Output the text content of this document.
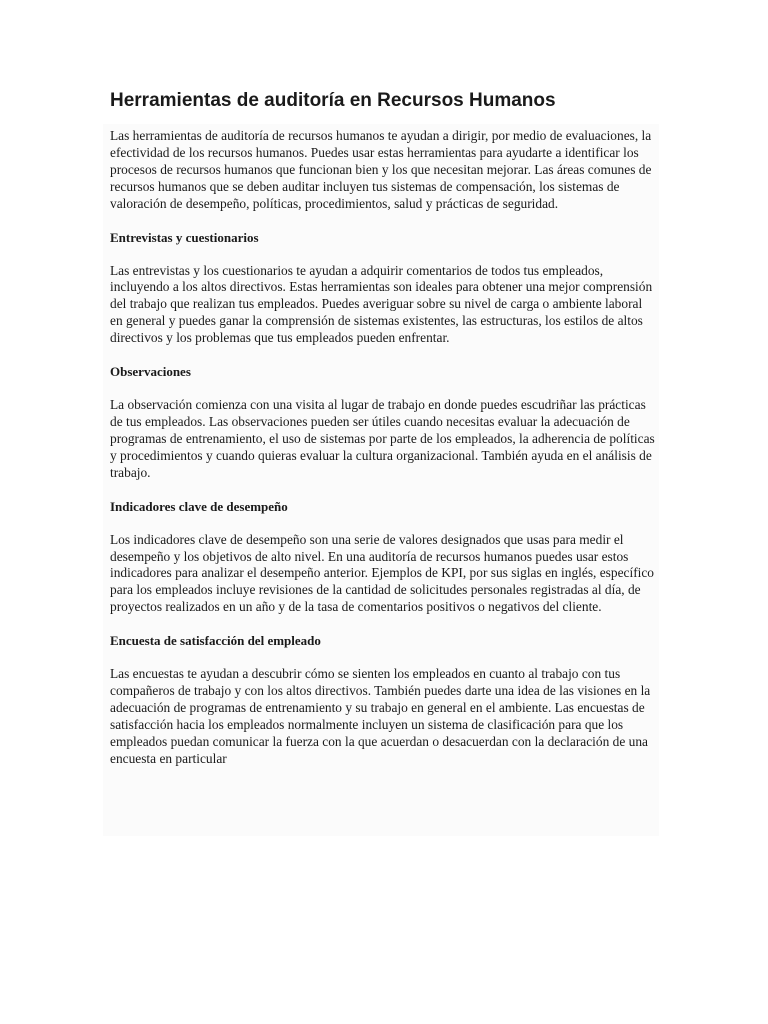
Herramientas de auditoría en Recursos Humanos

Las herramientas de auditoría de recursos humanos te ayudan a dirigir, por medio de evaluaciones, la efectividad de los recursos humanos. Puedes usar estas herramientas para ayudarte a identificar los procesos de recursos humanos que funcionan bien y los que necesitan mejorar. Las áreas comunes de recursos humanos que se deben auditar incluyen tus sistemas de compensación, los sistemas de valoración de desempeño, políticas, procedimientos, salud y prácticas de seguridad.

Entrevistas y cuestionarios

Las entrevistas y los cuestionarios te ayudan a adquirir comentarios de todos tus empleados, incluyendo a los altos directivos. Estas herramientas son ideales para obtener una mejor comprensión del trabajo que realizan tus empleados. Puedes averiguar sobre su nivel de carga o ambiente laboral en general y puedes ganar la comprensión de sistemas existentes, las estructuras, los estilos de altos directivos y los problemas que tus empleados pueden enfrentar.

Observaciones

La observación comienza con una visita al lugar de trabajo en donde puedes escudriñar las prácticas de tus empleados. Las observaciones pueden ser útiles cuando necesitas evaluar la adecuación de programas de entrenamiento, el uso de sistemas por parte de los empleados, la adherencia de políticas y procedimientos y cuando quieras evaluar la cultura organizacional. También ayuda en el análisis de trabajo.

Indicadores clave de desempeño

Los indicadores clave de desempeño son una serie de valores designados que usas para medir el desempeño y los objetivos de alto nivel. En una auditoría de recursos humanos puedes usar estos indicadores para analizar el desempeño anterior. Ejemplos de KPI, por sus siglas en inglés, específico para los empleados incluye revisiones de la cantidad de solicitudes personales registradas al día, de proyectos realizados en un año y de la tasa de comentarios positivos o negativos del cliente.

Encuesta de satisfacción del empleado

Las encuestas te ayudan a descubrir cómo se sienten los empleados en cuanto al trabajo con tus compañeros de trabajo y con los altos directivos. También puedes darte una idea de las visiones en la adecuación de programas de entrenamiento y su trabajo en general en el ambiente. Las encuestas de satisfacción hacia los empleados normalmente incluyen un sistema de clasificación para que los empleados puedan comunicar la fuerza con la que acuerdan o desacuerdan con la declaración de una encuesta en particular
